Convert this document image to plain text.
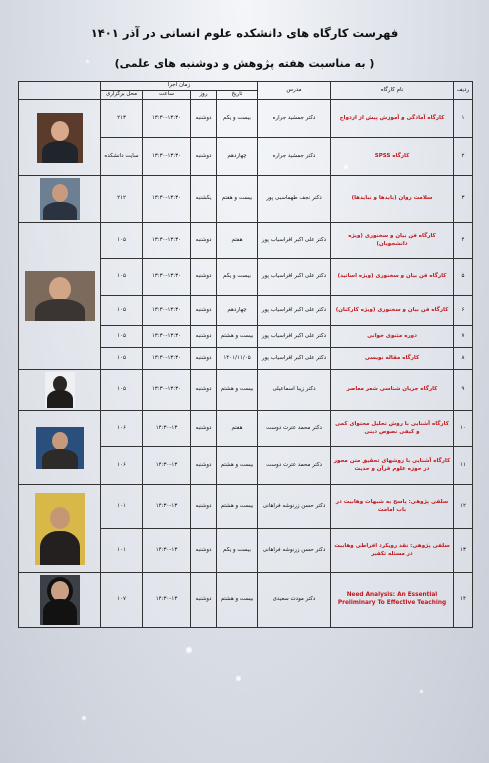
فهرست کارگاه های دانشکده علوم انسانی در آذر ۱۴۰۱
( به مناسبت هفته پژوهش و دوشنبه های علمی)
ردیف	نام کارگاه	مدرس	زمان اجرا				
			تاریخ	روز	ساعت	محل برگزاری	
۱	کارگاه آمادگی و آموزش پیش از ازدواج	دکتر جمشید جراره	بیست و یکم	دوشنبه	۱۳:۳۰-۱۳:۳۰	۲۱۳	

۲	کارگاه SPSS	دکتر جمشید جراره	چهاردهم	دوشنبه	۱۳:۳۰-۱۳:۳۰	سایت دانشکده	
۳	سلامت روان (بایدها و نبایدها)	دکتر نجف طهماسبی پور	بیست و هفتم	یکشنبه	۱۳:۳۰-۱۳:۳۰	۲۱۲	

۴	کارگاه فن بیان و سخنوری (ویژه دانشجویان)	دکتر علی اکبر افراسیاب پور	هفتم	دوشنبه	۱۳:۳۰-۱۳:۳۰	۱۰۵	

۵	کارگاه فن بیان و سخنوری (ویژه اساتید)	دکتر علی اکبر افراسیاب پور	بیست و یکم	دوشنبه	۱۳:۳۰-۱۳:۳۰	۱۰۵	
۶	کارگاه فن بیان و سخنوری (ویژه کارکنان)	دکتر علی اکبر افراسیاب پور	چهاردهم	دوشنبه	۱۳:۳۰-۱۳:۳۰	۱۰۵	
۷	دوره مثنوی خوانی	دکتر علی اکبر افراسیاب پور	بیست و هشتم	دوشنبه	۱۳:۳۰-۱۳:۳۰	۱۰۵	
۸	کارگاه مقاله نویسی	دکتر علی اکبر افراسیاب پور	۱۴۰۱/۱۱/۰۵	دوشنبه	۱۳:۳۰-۱۳:۳۰	۱۰۵	
۹	کارگاه جریان شناسی شعر معاصر	دکتر زیبا اسماعیلی	بیست و هشتم	دوشنبه	۱۳:۳۰-۱۳:۳۰	۱۰۵	

۱۰	کارگاه آشنایی با روش تحلیل محتوای کمی و کیفی نصوص دینی	دکتر محمد عترت دوست	هفتم	دوشنبه	۱۴:۳۰-۱۳	۱۰۶	

۱۱	کارگاه آشنایی با روشهای تحقیق متن محور در حوزه علوم قرآن و حدیث	دکتر محمد عترت دوست	بیست و هشتم	دوشنبه	۱۴:۳۰-۱۳	۱۰۶	
۱۲	سلفی پژوهی: پاسخ به شبهات وهابیت در باب امامت	دکتر حسن زرنوشه فراهانی	بیست و هشتم	دوشنبه	۱۴:۳۰-۱۳	۱۰۱	

۱۳	سلفی پژوهی: نقد رویکرد افراطی وهابیت در مسئله تکفیر	دکتر حسن زرنوشه فراهانی	بیست و یکم	دوشنبه	۱۴:۳۰-۱۳	۱۰۱	
۱۴	Need Analysis: An Essential Preliminary To Effective Teaching	دکتر مودت سعیدی	بیست و هشتم	دوشنبه	۱۴:۳۰-۱۳	۱۰۷	
